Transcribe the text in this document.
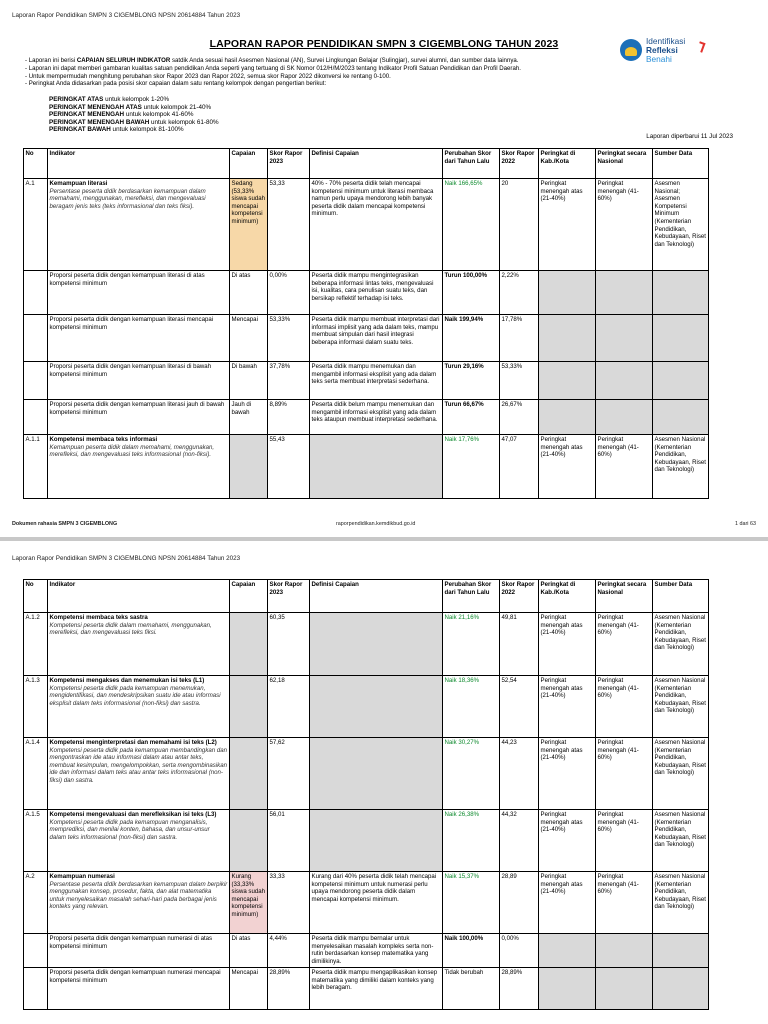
Laporan Rapor Pendidikan SMPN 3 CIGEMBLONG NPSN 20614884 Tahun 2023
LAPORAN RAPOR PENDIDIKAN SMPN 3 CIGEMBLONG TAHUN 2023	Identifikasi
Refleksi
Benahi
- Laporan ini berisi CAPAIAN SELURUH INDIKATOR satdik Anda sesuai hasil Asesmen Nasional (AN), Survei Lingkungan Belajar (Sulingjar), survei alumni, dan sumber data lainnya.
- Laporan ini dapat memberi gambaran kualitas satuan pendidikan Anda seperti yang tertuang di SK Nomor 012/H/M/2023 tentang Indikator Profil Satuan Pendidikan dan Profil Daerah.
- Untuk mempermudah menghitung perubahan skor Rapor 2023 dan Rapor 2022, semua skor Rapor 2022 dikonversi ke rentang 0-100.
- Peringkat Anda didasarkan pada posisi skor capaian dalam satu rentang kelompok dengan pengertian berikut:
PERINGKAT ATAS untuk kelompok 1-20%
PERINGKAT MENENGAH ATAS untuk kelompok 21-40%
PERINGKAT MENENGAH untuk kelompok 41-60%
PERINGKAT MENENGAH BAWAH untuk kelompok 61-80%
PERINGKAT BAWAH untuk kelompok 81-100%
Laporan diperbarui 11 Jul 2023
No	Indikator	Capaian	Skor Rapor 2023	Definisi Capaian	Perubahan Skor dari Tahun Lalu	Skor Rapor 2022	Peringkat di Kab./Kota	Peringkat secara Nasional	Sumber Data
A.1	Kemampuan literasi
Persentase peserta didik berdasarkan kemampuan dalam memahami, menggunakan, merefleksi, dan mengevaluasi beragam jenis teks (teks informasional dan teks fiksi).	Sedang (53,33% siswa sudah mencapai kompetensi minimum)	53,33	40% - 70% peserta didik telah mencapai kompetensi minimum untuk literasi membaca namun perlu upaya mendorong lebih banyak peserta didik dalam mencapai kompetensi minimum.	Naik 166,65%	20	Peringkat menengah atas (21-40%)	Peringkat menengah (41-60%)	Asesmen Nasional; Asesmen Kompetensi Minimum (Kementerian Pendidikan, Kebudayaan, Riset dan Teknologi)

	Proporsi peserta didik dengan kemampuan literasi di atas kompetensi minimum	Di atas	0,00%	Peserta didik mampu mengintegrasikan beberapa informasi lintas teks, mengevaluasi isi, kualitas, cara penulisan suatu teks, dan bersikap reflektif terhadap isi teks.	Turun 100,00%	2,22%			

	Proporsi peserta didik dengan kemampuan literasi mencapai kompetensi minimum	Mencapai	53,33%	Peserta didik mampu membuat interpretasi dari informasi implisit yang ada dalam teks, mampu membuat simpulan dari hasil integrasi beberapa informasi dalam suatu teks.	Naik 199,94%	17,78%			

	Proporsi peserta didik dengan kemampuan literasi di bawah kompetensi minimum	Di bawah	37,78%	Peserta didik mampu menemukan dan mengambil informasi eksplisit yang ada dalam teks serta membuat interpretasi sederhana.	Turun 29,16%	53,33%			

	Proporsi peserta didik dengan kemampuan literasi jauh di bawah kompetensi minimum	Jauh di bawah	8,89%	Peserta didik belum mampu menemukan dan mengambil informasi eksplisit yang ada dalam teks ataupun membuat interpretasi sederhana.	Turun 66,67%	26,67%			
A.1.1	Kompetensi membaca teks informasi
Kemampuan peserta didik dalam memahami, menggunakan, merefleksi, dan mengevaluasi teks informasional (non-fiksi).		55,43		Naik 17,76%	47,07	Peringkat menengah atas (21-40%)	Peringkat menengah (41-60%)	Asesmen Nasional (Kementerian Pendidikan, Kebudayaan, Riset dan Teknologi)
Dokumen rahasia SMPN 3 CIGEMBLONG	raporpendidikan.kemdikbud.go.id	1 dari 63
Laporan Rapor Pendidikan SMPN 3 CIGEMBLONG NPSN 20614884 Tahun 2023
No	Indikator	Capaian	Skor Rapor 2023	Definisi Capaian	Perubahan Skor dari Tahun Lalu	Skor Rapor 2022	Peringkat di Kab./Kota	Peringkat secara Nasional	Sumber Data
A.1.2	Kompetensi membaca teks sastra
Kompetensi peserta didik dalam memahami, menggunakan, merefleksi, dan mengevaluasi teks fiksi.		60,35		Naik 21,16%	49,81	Peringkat menengah atas (21-40%)	Peringkat menengah (41-60%)	Asesmen Nasional (Kementerian Pendidikan, Kebudayaan, Riset dan Teknologi)
A.1.3	Kompetensi mengakses dan menemukan isi teks (L1)
Kompetensi peserta didik pada kemampuan menemukan, mengidentifikasi, dan mendeskripsikan suatu ide atau informasi eksplisit dalam teks informasional (non-fiksi) dan sastra.		62,18		Naik 18,36%	52,54	Peringkat menengah atas (21-40%)	Peringkat menengah (41-60%)	Asesmen Nasional (Kementerian Pendidikan, Kebudayaan, Riset dan Teknologi)
A.1.4	Kompetensi menginterpretasi dan memahami isi teks (L2)
Kompetensi peserta didik pada kemampuan membandingkan dan mengontraskan ide atau informasi dalam atau antar teks, membuat kesimpulan, mengelompokkan, serta mengombinasikan ide dan informasi dalam teks atau antar teks informasional (non-fiksi) dan sastra.		57,62		Naik 30,27%	44,23	Peringkat menengah atas (21-40%)	Peringkat menengah (41-60%)	Asesmen Nasional (Kementerian Pendidikan, Kebudayaan, Riset dan Teknologi)
A.1.5	Kompetensi mengevaluasi dan merefleksikan isi teks (L3)
Kompetensi peserta didik pada kemampuan menganalisis, memprediksi, dan menilai konten, bahasa, dan unsur-unsur dalam teks informasional (non-fiksi) dan sastra.		56,01		Naik 26,38%	44,32	Peringkat menengah atas (21-40%)	Peringkat menengah (41-60%)	Asesmen Nasional (Kementerian Pendidikan, Kebudayaan, Riset dan Teknologi)
A.2	Kemampuan numerasi
Persentase peserta didik berdasarkan kemampuan dalam berpikir menggunakan konsep, prosedur, fakta, dan alat matematika untuk menyelesaikan masalah sehari-hari pada berbagai jenis konteks yang relevan.	Kurang (33,33% siswa sudah mencapai kompetensi minimum)	33,33	Kurang dari 40% peserta didik telah mencapai kompetensi minimum untuk numerasi perlu upaya mendorong peserta didik dalam mencapai kompetensi minimum.	Naik 15,37%	28,89	Peringkat menengah atas (21-40%)	Peringkat menengah (41-60%)	Asesmen Nasional (Kementerian Pendidikan, Kebudayaan, Riset dan Teknologi)

	Proporsi peserta didik dengan kemampuan numerasi di atas kompetensi minimum	Di atas	4,44%	Peserta didik mampu bernalar untuk menyelesaikan masalah kompleks serta non-rutin berdasarkan konsep matematika yang dimilikinya.	Naik 100,00%	0,00%			

	Proporsi peserta didik dengan kemampuan numerasi mencapai kompetensi minimum	Mencapai	28,89%	Peserta didik mampu mengaplikasikan konsep matematika yang dimiliki dalam konteks yang lebih beragam.	Tidak berubah	28,89%			
